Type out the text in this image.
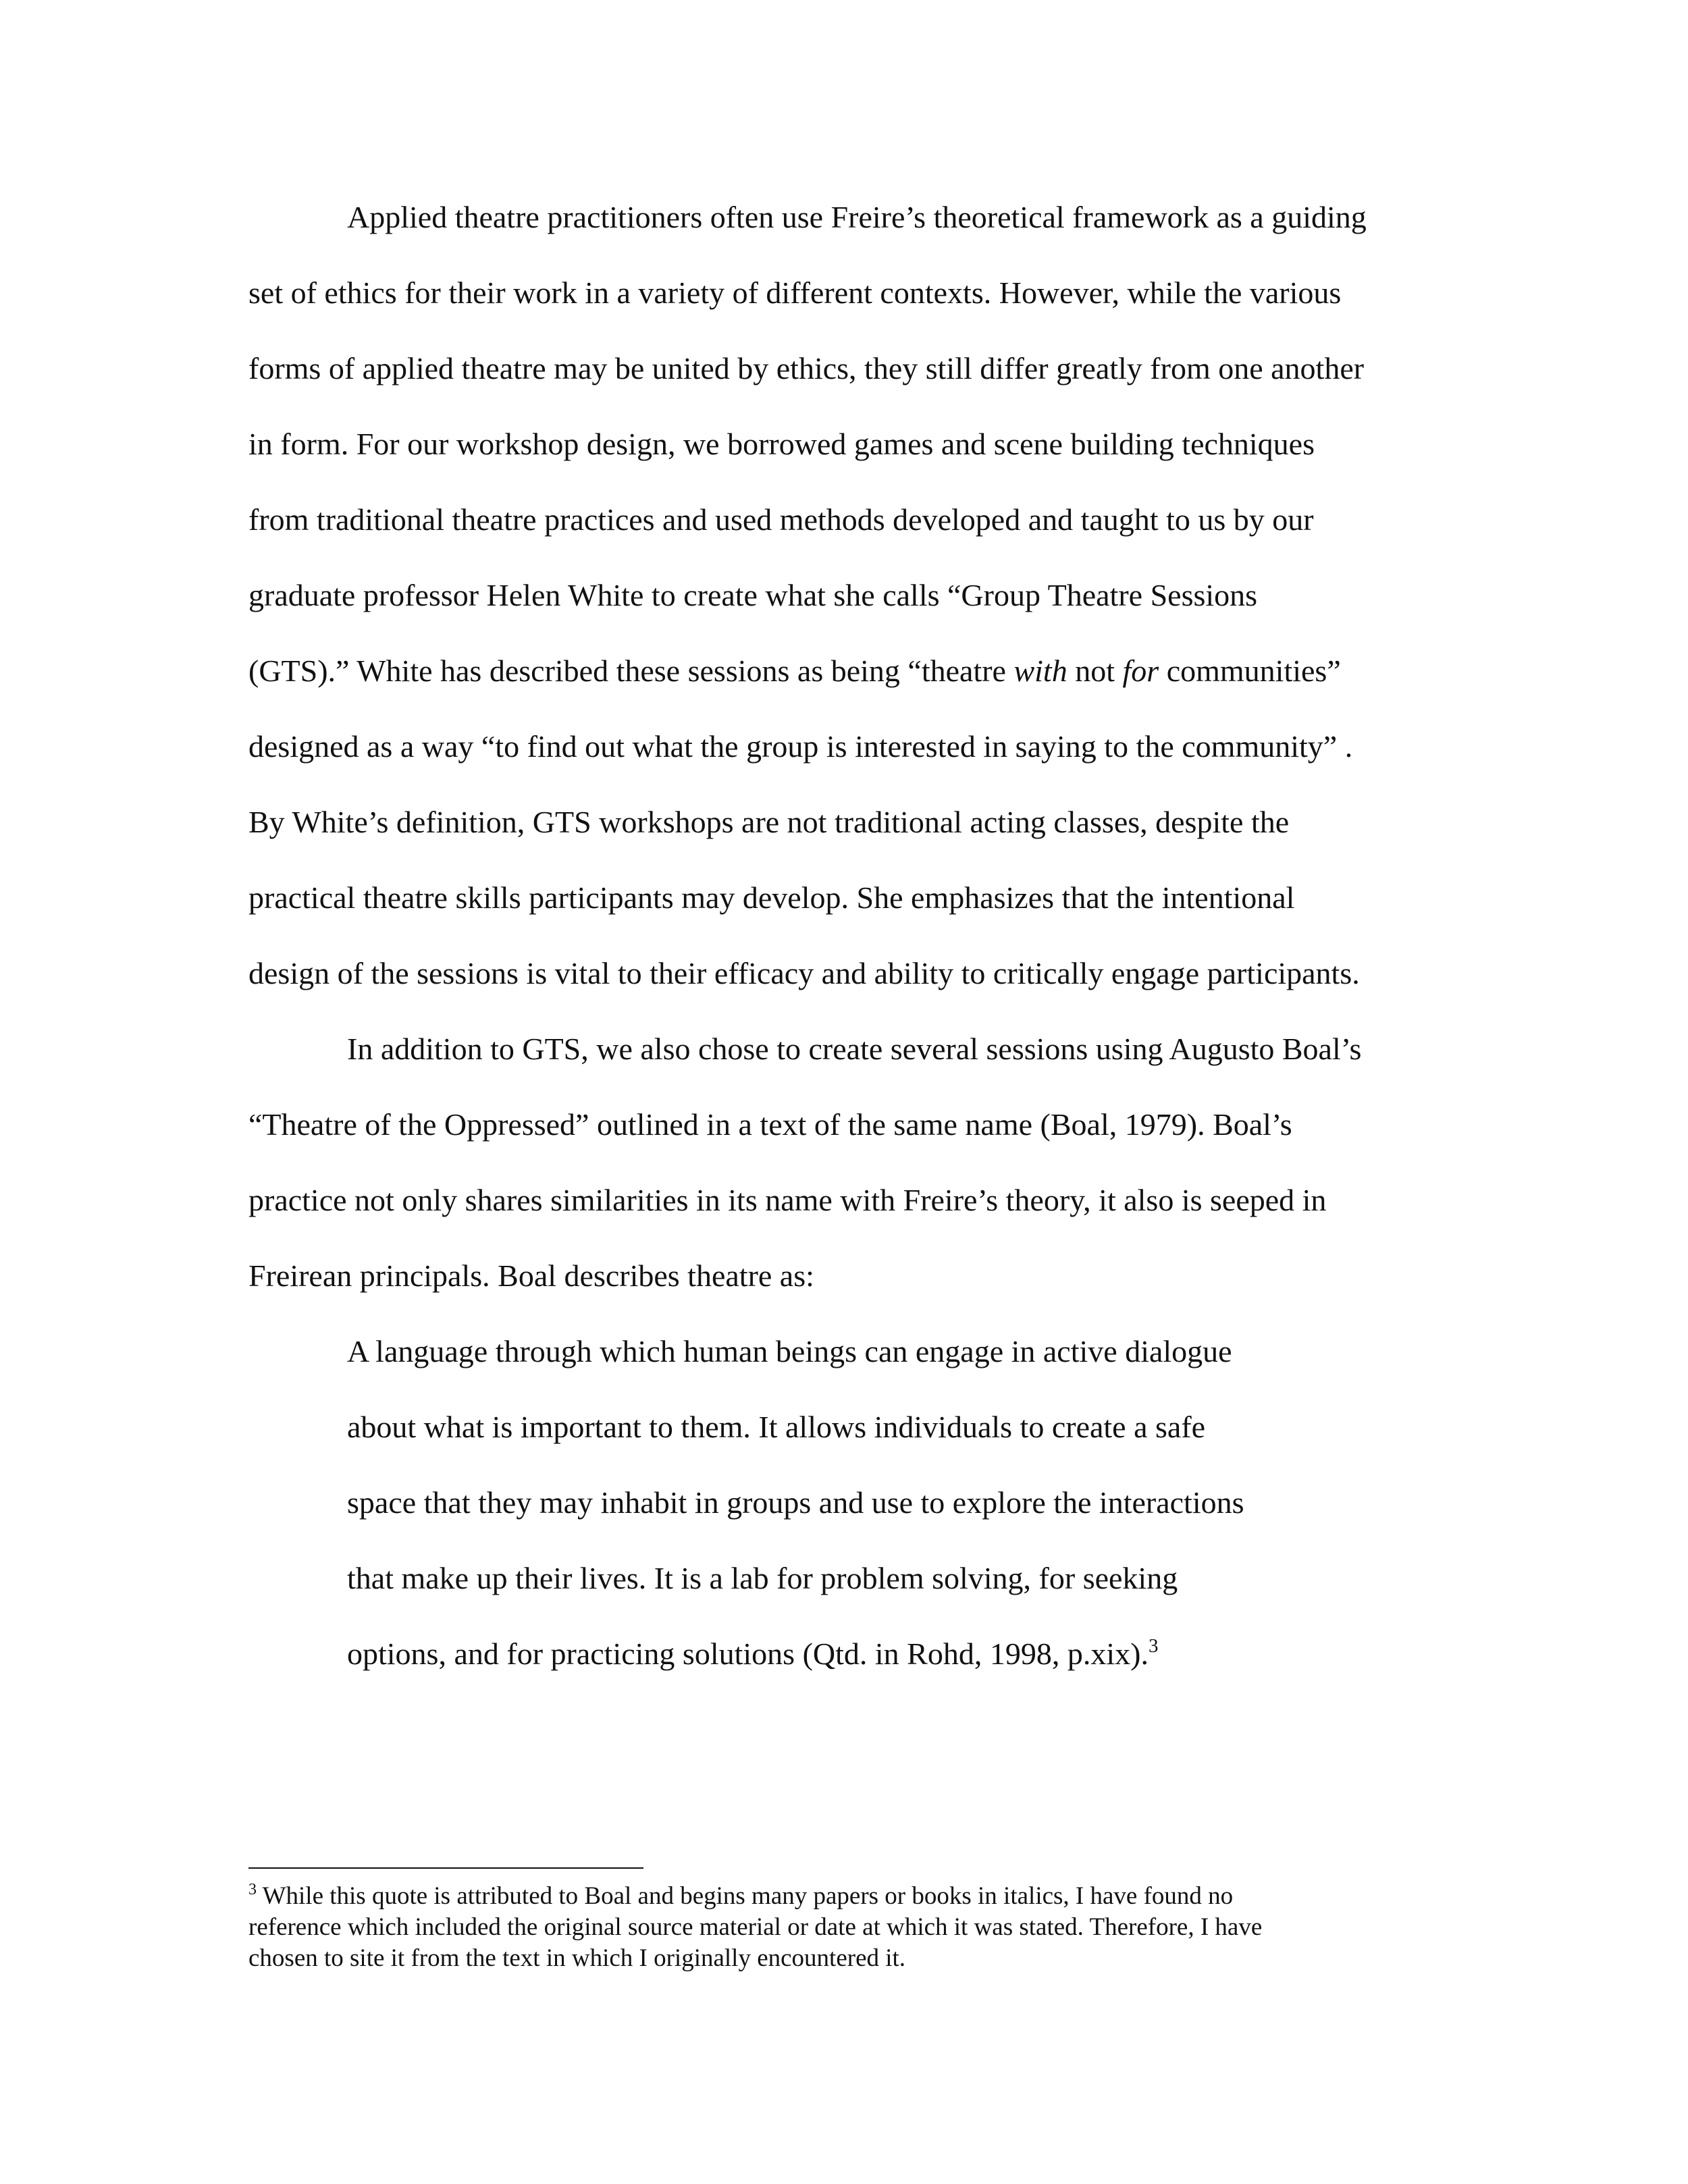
Applied theatre practitioners often use Freire’s theoretical framework as a guiding

set of ethics for their work in a variety of different contexts. However, while the various

forms of applied theatre may be united by ethics, they still differ greatly from one another

in form. For our workshop design, we borrowed games and scene building techniques

from traditional theatre practices and used methods developed and taught to us by our

graduate professor Helen White to create what she calls “Group Theatre Sessions

(GTS).” White has described these sessions as being “theatre with not for communities”

designed as a way “to find out what the group is interested in saying to the community” .

By White’s definition, GTS workshops are not traditional acting classes, despite the

practical theatre skills participants may develop. She emphasizes that the intentional

design of the sessions is vital to their efficacy and ability to critically engage participants.

In addition to GTS, we also chose to create several sessions using Augusto Boal’s

“Theatre of the Oppressed” outlined in a text of the same name (Boal, 1979). Boal’s

practice not only shares similarities in its name with Freire’s theory, it also is seeped in

Freirean principals. Boal describes theatre as:

A language through which human beings can engage in active dialogue

about what is important to them. It allows individuals to create a safe

space that they may inhabit in groups and use to explore the interactions

that make up their lives. It is a lab for problem solving, for seeking

options, and for practicing solutions (Qtd. in Rohd, 1998, p.xix).$^3$

$^3$ While this quote is attributed to Boal and begins many papers or books in italics, I have found no

reference which included the original source material or date at which it was stated. Therefore, I have

chosen to site it from the text in which I originally encountered it.
